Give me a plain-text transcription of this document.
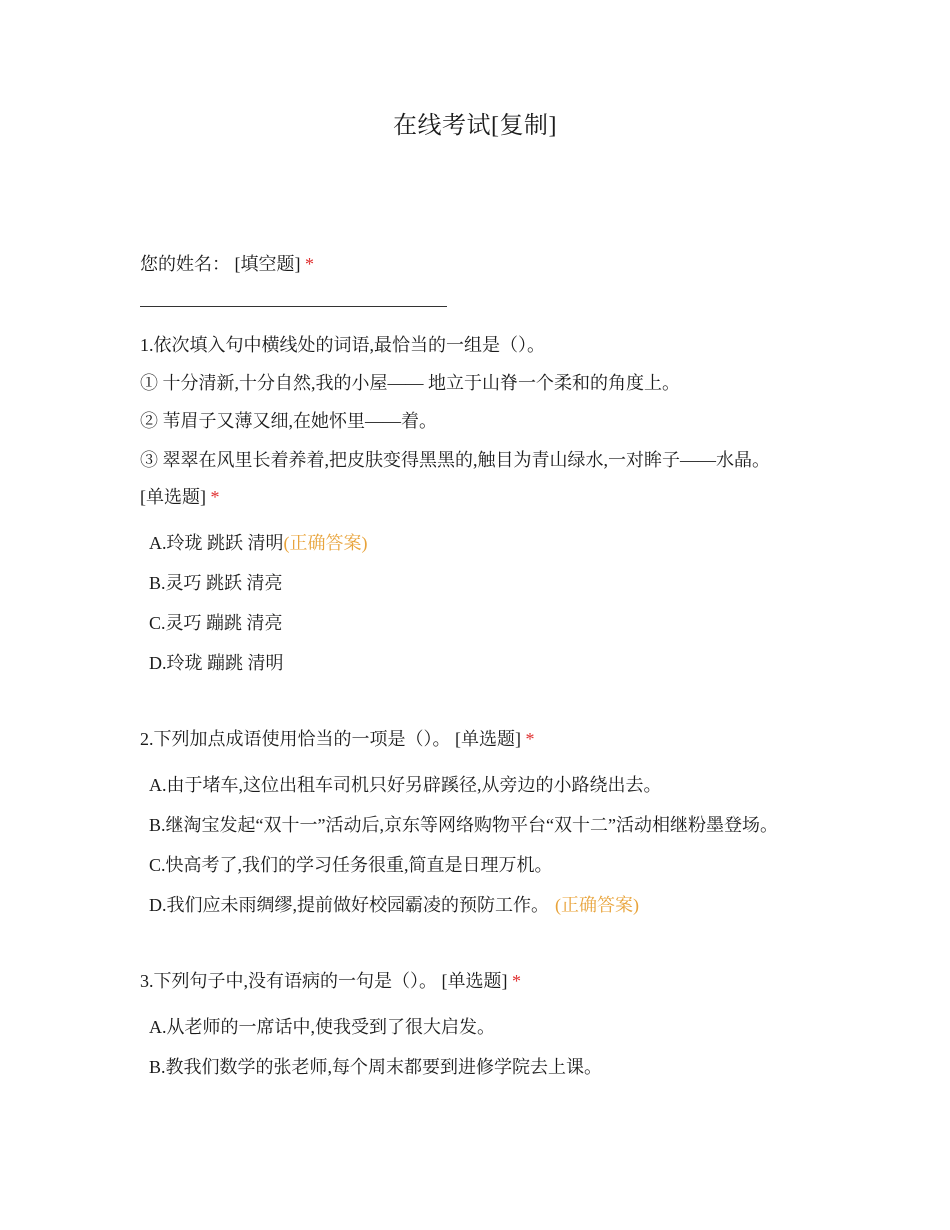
在线考试[复制]
您的姓名： [填空题] *
1.依次填入句中横线处的词语,最恰当的一组是（）。
① 十分清新,十分自然,我的小屋—— 地立于山脊一个柔和的角度上。
② 苇眉子又薄又细,在她怀里——着。
③ 翠翠在风里长着养着,把皮肤变得黑黑的,触目为青山绿水,一对眸子——水晶。
[单选题] *
A.玲珑 跳跃 清明(正确答案)
B.灵巧 跳跃 清亮
C.灵巧 蹦跳 清亮
D.玲珑 蹦跳 清明
2.下列加点成语使用恰当的一项是（）。 [单选题] *
A.由于堵车,这位出租车司机只好另辟蹊径,从旁边的小路绕出去。
B.继淘宝发起“双十一”活动后,京东等网络购物平台“双十二”活动相继粉墨登场。
C.快高考了,我们的学习任务很重,简直是日理万机。
D.我们应未雨绸缪,提前做好校园霸凌的预防工作。 (正确答案)
3.下列句子中,没有语病的一句是（）。 [单选题] *
A.从老师的一席话中,使我受到了很大启发。
B.教我们数学的张老师,每个周末都要到进修学院去上课。
